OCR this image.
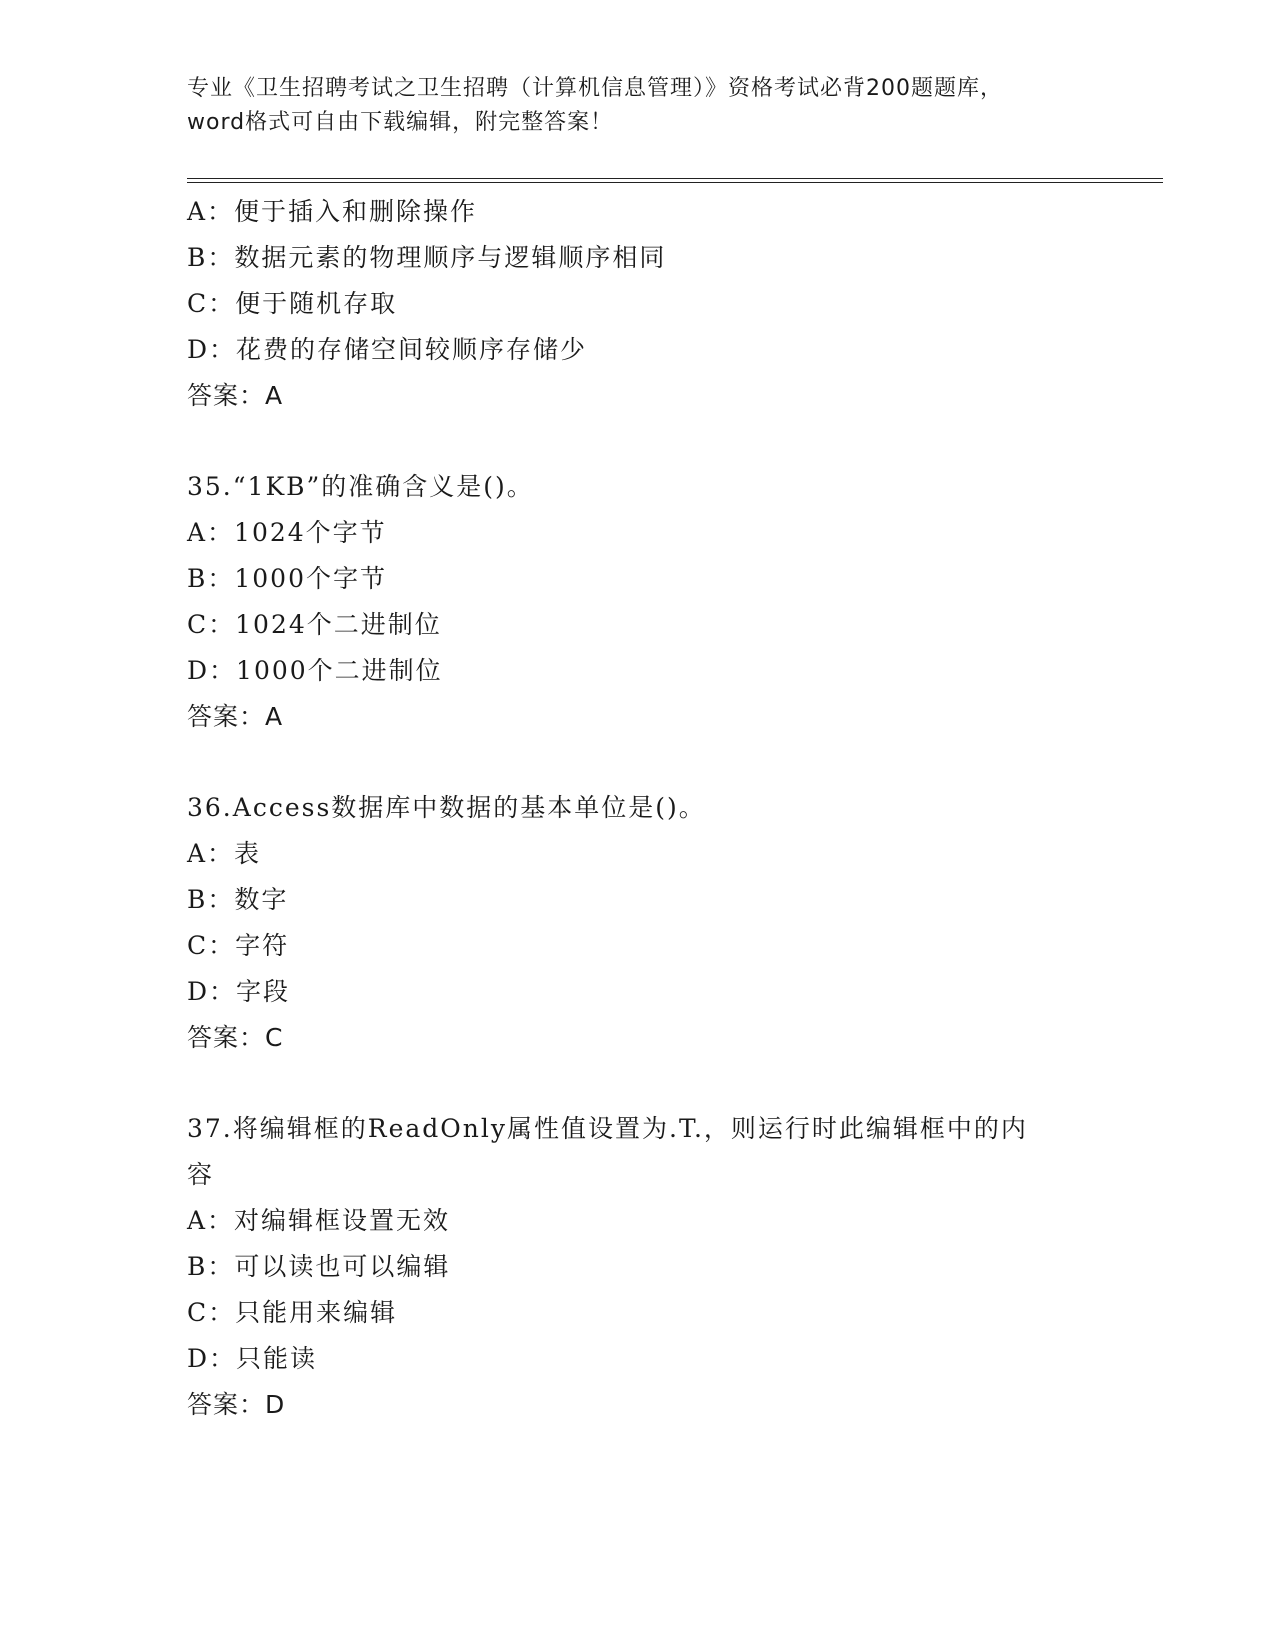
专业《卫生招聘考试之卫生招聘（计算机信息管理）》资格考试必背200题题库，
word格式可自由下载编辑，附完整答案！
A：便于插入和删除操作
B：数据元素的物理顺序与逻辑顺序相同
C：便于随机存取
D：花费的存储空间较顺序存储少
答案：A
35.“1KB”的准确含义是()。
A：1024个字节
B：1000个字节
C：1024个二进制位
D：1000个二进制位
答案：A
36.Access数据库中数据的基本单位是()。
A：表
B：数字
C：字符
D：字段
答案：C
37.将编辑框的ReadOnly属性值设置为.T.，则运行时此编辑框中的内容
A：对编辑框设置无效
B：可以读也可以编辑
C：只能用来编辑
D：只能读
答案：D
